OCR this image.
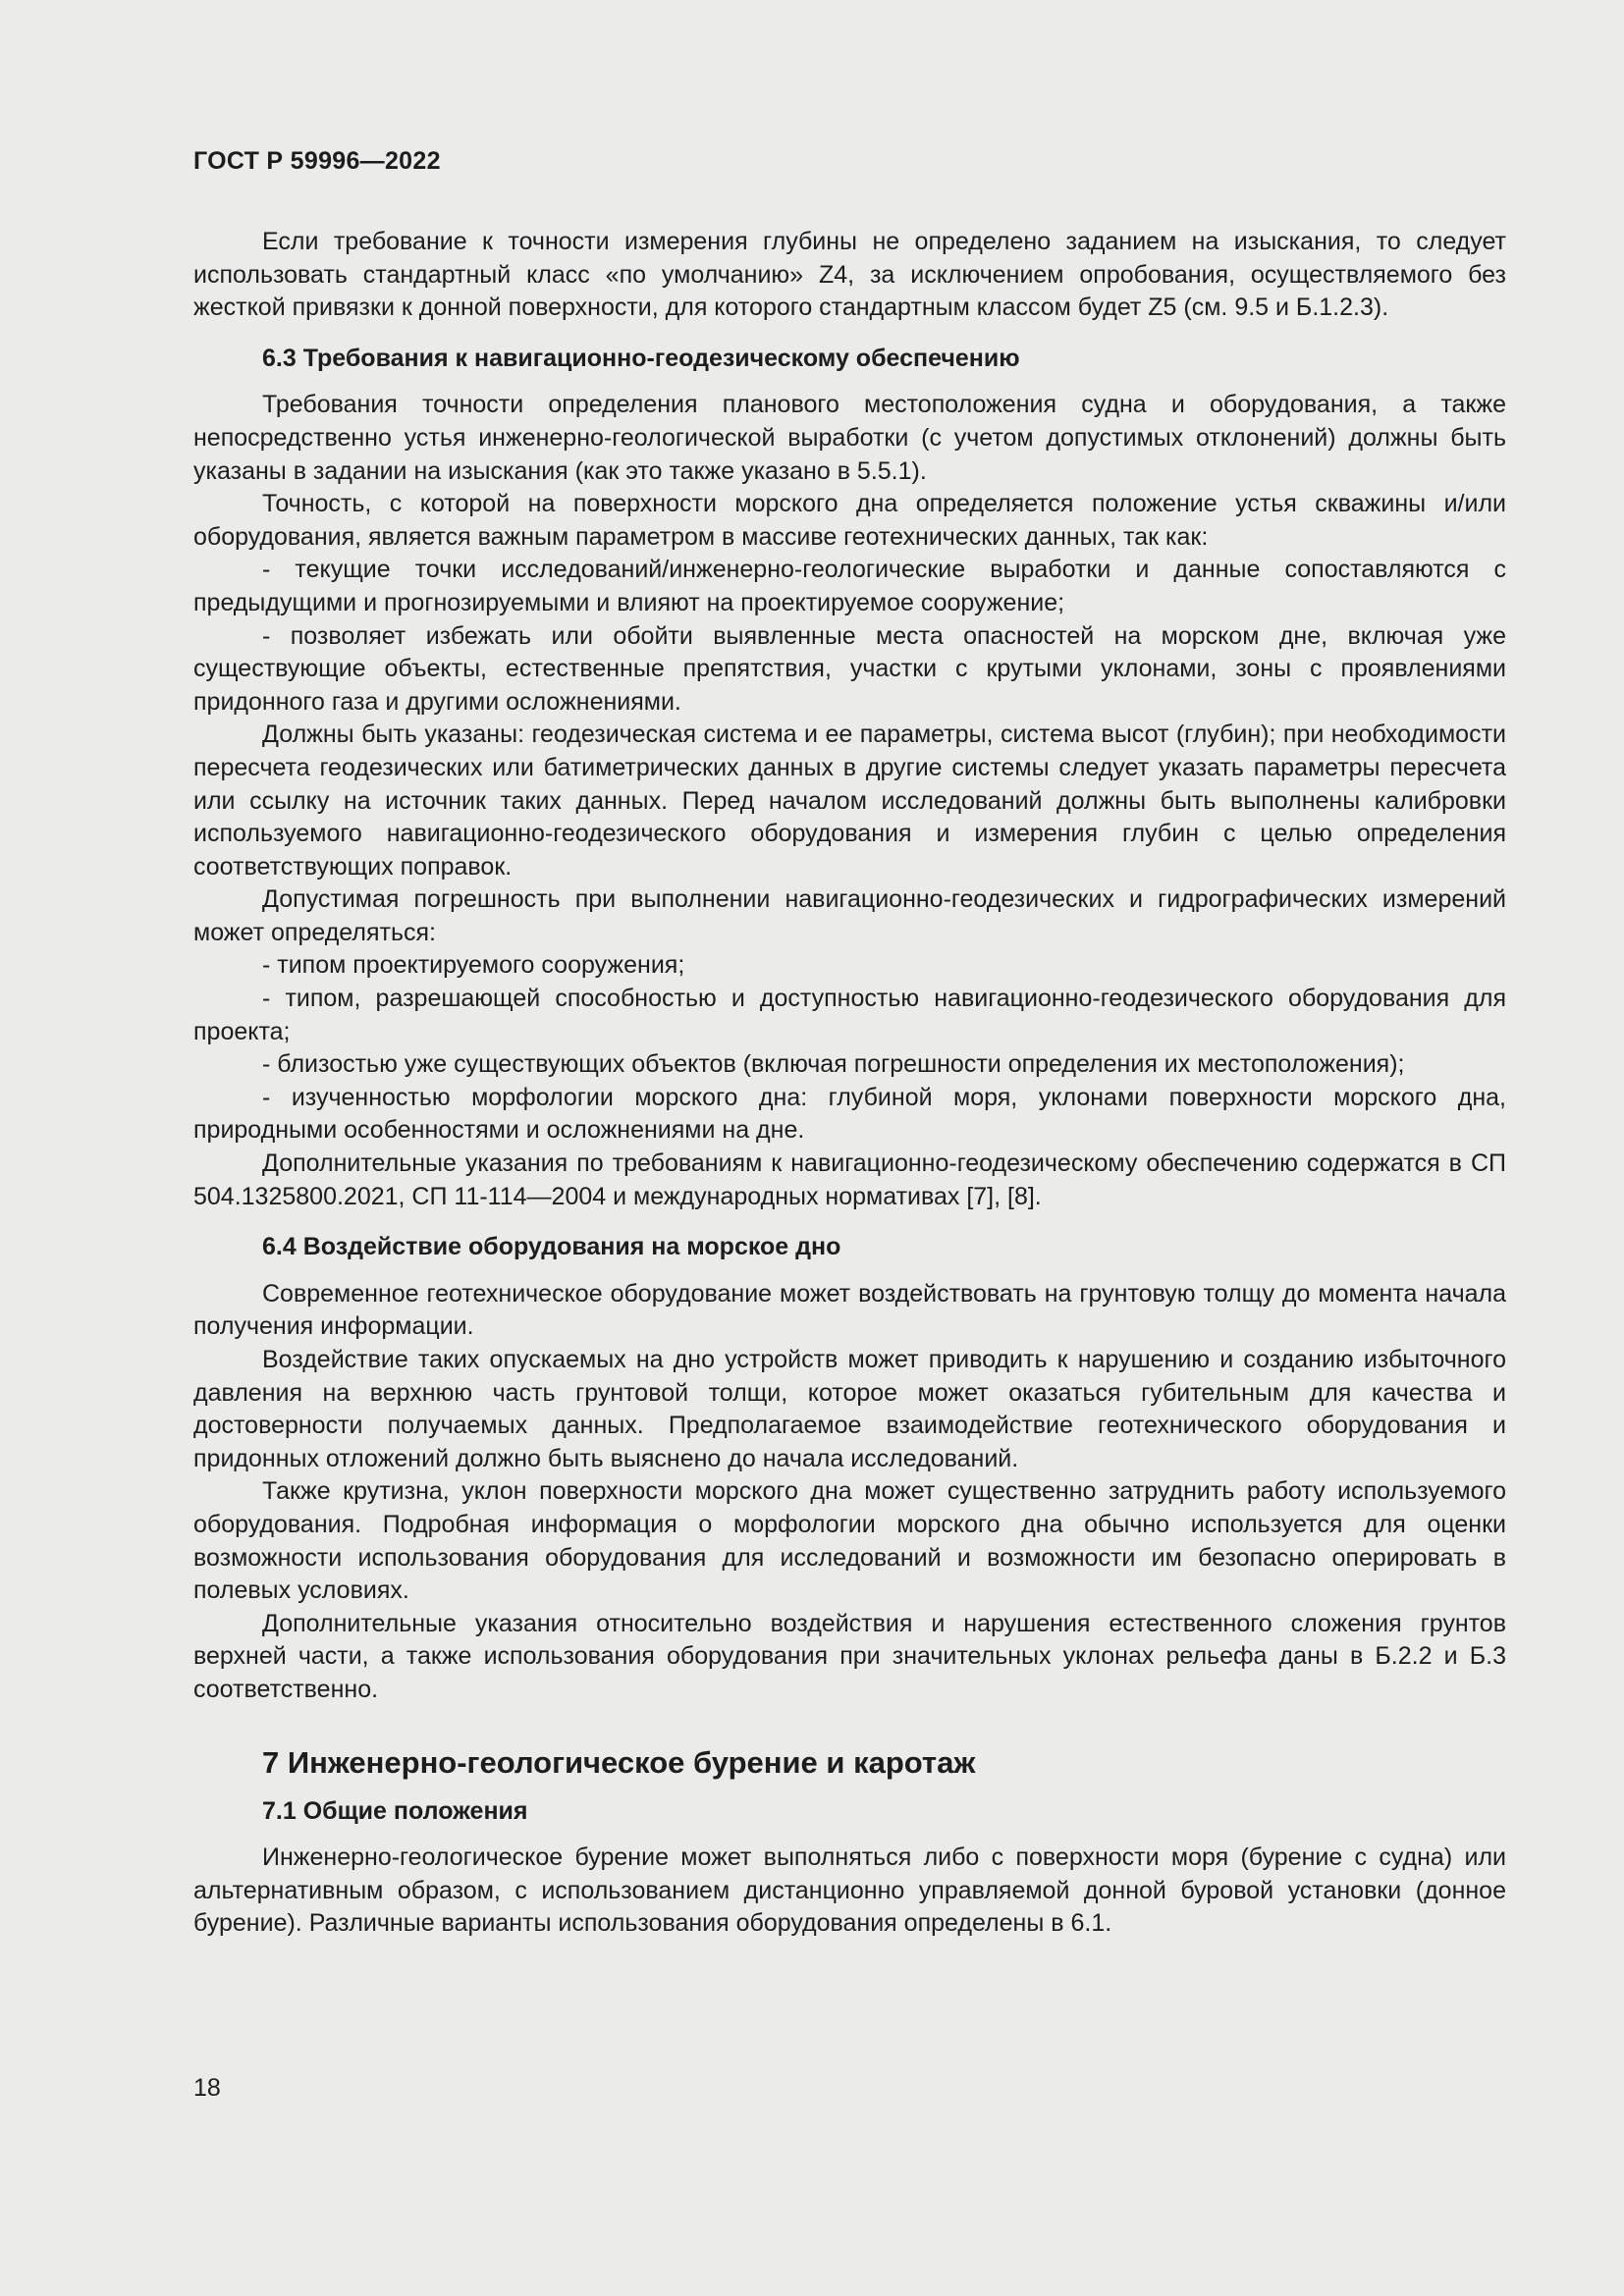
ГОСТ Р 59996—2022

Если требование к точности измерения глубины не определено заданием на изыскания, то следует использовать стандартный класс «по умолчанию» Z4, за исключением опробования, осуществляемого без жесткой привязки к донной поверхности, для которого стандартным классом будет Z5 (см. 9.5 и Б.1.2.3).

6.3 Требования к навигационно-геодезическому обеспечению

Требования точности определения планового местоположения судна и оборудования, а также непосредственно устья инженерно-геологической выработки (с учетом допустимых отклонений) должны быть указаны в задании на изыскания (как это также указано в 5.5.1).

Точность, с которой на поверхности морского дна определяется положение устья скважины и/или оборудования, является важным параметром в массиве геотехнических данных, так как:

- текущие точки исследований/инженерно-геологические выработки и данные сопоставляются с предыдущими и прогнозируемыми и влияют на проектируемое сооружение;

- позволяет избежать или обойти выявленные места опасностей на морском дне, включая уже существующие объекты, естественные препятствия, участки с крутыми уклонами, зоны с проявлениями придонного газа и другими осложнениями.

Должны быть указаны: геодезическая система и ее параметры, система высот (глубин); при необходимости пересчета геодезических или батиметрических данных в другие системы следует указать параметры пересчета или ссылку на источник таких данных. Перед началом исследований должны быть выполнены калибровки используемого навигационно-геодезического оборудования и измерения глубин с целью определения соответствующих поправок.

Допустимая погрешность при выполнении навигационно-геодезических и гидрографических измерений может определяться:

- типом проектируемого сооружения;

- типом, разрешающей способностью и доступностью навигационно-геодезического оборудования для проекта;

- близостью уже существующих объектов (включая погрешности определения их местоположения);

- изученностью морфологии морского дна: глубиной моря, уклонами поверхности морского дна, природными особенностями и осложнениями на дне.

Дополнительные указания по требованиям к навигационно-геодезическому обеспечению содержатся в СП 504.1325800.2021, СП 11-114—2004 и международных нормативах [7], [8].

6.4 Воздействие оборудования на морское дно

Современное геотехническое оборудование может воздействовать на грунтовую толщу до момента начала получения информации.

Воздействие таких опускаемых на дно устройств может приводить к нарушению и созданию избыточного давления на верхнюю часть грунтовой толщи, которое может оказаться губительным для качества и достоверности получаемых данных. Предполагаемое взаимодействие геотехнического оборудования и придонных отложений должно быть выяснено до начала исследований.

Также крутизна, уклон поверхности морского дна может существенно затруднить работу используемого оборудования. Подробная информация о морфологии морского дна обычно используется для оценки возможности использования оборудования для исследований и возможности им безопасно оперировать в полевых условиях.

Дополнительные указания относительно воздействия и нарушения естественного сложения грунтов верхней части, а также использования оборудования при значительных уклонах рельефа даны в Б.2.2 и Б.3 соответственно.

7 Инженерно-геологическое бурение и каротаж
7.1 Общие положения

Инженерно-геологическое бурение может выполняться либо с поверхности моря (бурение с судна) или альтернативным образом, с использованием дистанционно управляемой донной буровой установки (донное бурение). Различные варианты использования оборудования определены в 6.1.

18
